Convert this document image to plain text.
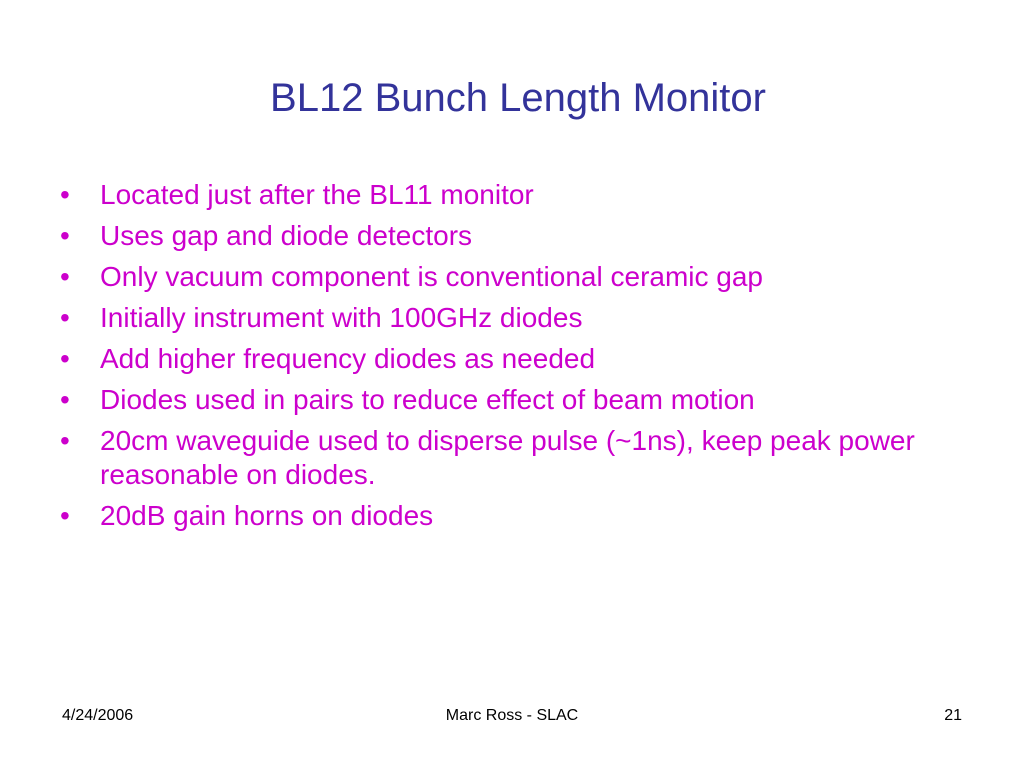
BL12 Bunch Length Monitor
• Located just after the BL11 monitor
• Uses gap and diode detectors
• Only vacuum component is conventional ceramic gap
• Initially instrument with 100GHz diodes
• Add higher frequency diodes as needed
• Diodes used in pairs to reduce effect of beam motion
• 20cm waveguide used to disperse pulse (~1ns), keep peak power reasonable on diodes.
• 20dB gain horns on diodes
4/24/2006	Marc Ross - SLAC	21
